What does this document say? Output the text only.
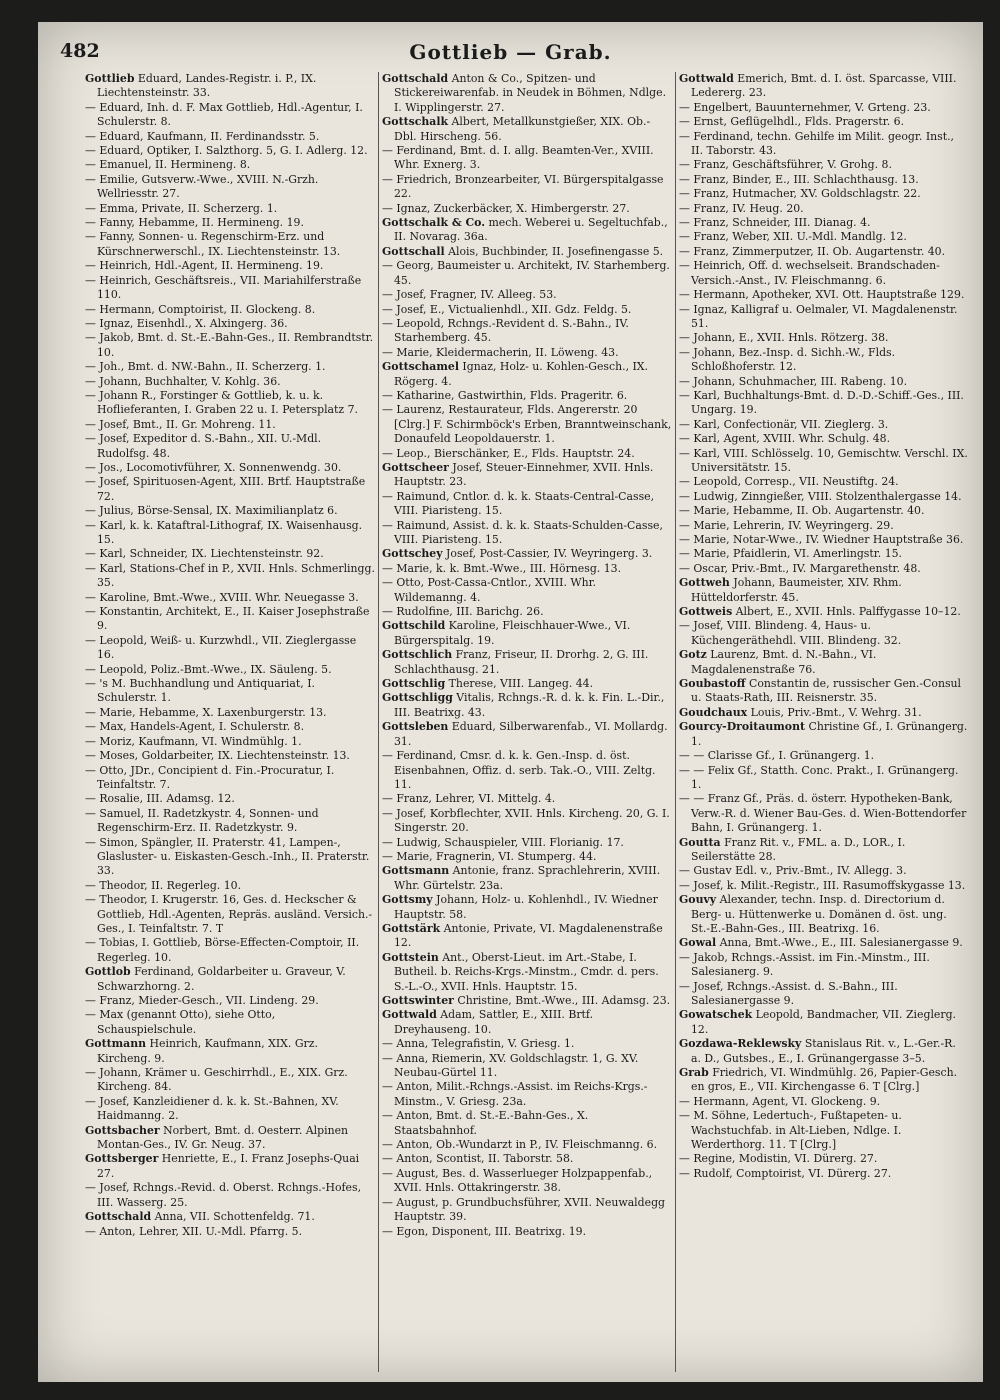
482	Gottlieb — Grab.
Gottlieb Eduard, Landes-Registr. i. P., IX. Liechtensteinstr. 33.
— Eduard, Inh. d. F. Max Gottlieb, Hdl.-Agentur, I. Schulerstr. 8.
— Eduard, Kaufmann, II. Ferdinandsstr. 5.
— Eduard, Optiker, I. Salzthorg. 5, G. I. Adlerg. 12.
— Emanuel, II. Hermineng. 8.
— Emilie, Gutsverw.-Wwe., XVIII. N.-Grzh. Wellriesstr. 27.
— Emma, Private, II. Scherzerg. 1.
— Fanny, Hebamme, II. Hermineng. 19.
— Fanny, Sonnen- u. Regenschirm-Erz. und Kürschnerwerschl., IX. Liechtensteinstr. 13.
— Heinrich, Hdl.-Agent, II. Hermineng. 19.
— Heinrich, Geschäftsreis., VII. Mariahilferstraße 110.
— Hermann, Comptoirist, II. Glockeng. 8.
— Ignaz, Eisenhdl., X. Alxingerg. 36.
— Jakob, Bmt. d. St.-E.-Bahn-Ges., II. Rembrandtstr. 10.
— Joh., Bmt. d. NW.-Bahn., II. Scherzerg. 1.
— Johann, Buchhalter, V. Kohlg. 36.
— Johann R., Forstinger & Gottlieb, k. u. k. Hoflieferanten, I. Graben 22 u. I. Petersplatz 7.
— Josef, Bmt., II. Gr. Mohreng. 11.
— Josef, Expeditor d. S.-Bahn., XII. U.-Mdl. Rudolfsg. 48.
— Jos., Locomotivführer, X. Sonnenwendg. 30.
— Josef, Spirituosen-Agent, XIII. Brtf. Hauptstraße 72.
— Julius, Börse-Sensal, IX. Maximilianplatz 6.
— Karl, k. k. Kataftral-Lithograf, IX. Waisenhausg. 15.
— Karl, Schneider, IX. Liechtensteinstr. 92.
— Karl, Stations-Chef in P., XVII. Hnls. Schmerlingg. 35.
— Karoline, Bmt.-Wwe., XVIII. Whr. Neuegasse 3.
— Konstantin, Architekt, E., II. Kaiser Josephstraße 9.
— Leopold, Weiß- u. Kurzwhdl., VII. Zieglergasse 16.
— Leopold, Poliz.-Bmt.-Wwe., IX. Säuleng. 5.
— 's M. Buchhandlung und Antiquariat, I. Schulerstr. 1.
— Marie, Hebamme, X. Laxenburgerstr. 13.
— Max, Handels-Agent, I. Schulerstr. 8.
— Moriz, Kaufmann, VI. Windmühlg. 1.
— Moses, Goldarbeiter, IX. Liechtensteinstr. 13.
— Otto, JDr., Concipient d. Fin.-Procuratur, I. Teinfaltstr. 7.
— Rosalie, III. Adamsg. 12.
— Samuel, II. Radetzkystr. 4, Sonnen- und Regenschirm-Erz. II. Radetzkystr. 9.
— Simon, Spängler, II. Praterstr. 41, Lampen-, Glasluster- u. Eiskasten-Gesch.-Inh., II. Praterstr. 33.
— Theodor, II. Regerleg. 10.
— Theodor, I. Krugerstr. 16, Ges. d. Heckscher & Gottlieb, Hdl.-Agenten, Repräs. ausländ. Versich.-Ges., I. Teinfaltstr. 7. T
— Tobias, I. Gottlieb, Börse-Effecten-Comptoir, II. Regerleg. 10.
Gottlob Ferdinand, Goldarbeiter u. Graveur, V. Schwarzhorng. 2.
— Franz, Mieder-Gesch., VII. Lindeng. 29.
— Max (genannt Otto), siehe Otto, Schauspielschule.
Gottmann Heinrich, Kaufmann, XIX. Grz. Kircheng. 9.
— Johann, Krämer u. Geschirrhdl., E., XIX. Grz. Kircheng. 84.
— Josef, Kanzleidiener d. k. k. St.-Bahnen, XV. Haidmanng. 2.
Gottsbacher Norbert, Bmt. d. Oesterr. Alpinen Montan-Ges., IV. Gr. Neug. 37.
Gottsberger Henriette, E., I. Franz Josephs-Quai 27.
— Josef, Rchngs.-Revid. d. Oberst. Rchngs.-Hofes, III. Wasserg. 25.
Gottschald Anna, VII. Schottenfeldg. 71.
— Anton, Lehrer, XII. U.-Mdl. Pfarrg. 5.
Gottschald Anton & Co., Spitzen- und Stickereiwarenfab. in Neudek in Böhmen, Ndlge. I. Wipplingerstr. 27.
Gottschalk Albert, Metallkunstgießer, XIX. Ob.-Dbl. Hirscheng. 56.
— Ferdinand, Bmt. d. I. allg. Beamten-Ver., XVIII. Whr. Exnerg. 3.
— Friedrich, Bronzearbeiter, VI. Bürgerspitalgasse 22.
— Ignaz, Zuckerbäcker, X. Himbergerstr. 27.
Gottschalk & Co. mech. Weberei u. Segeltuchfab., II. Novarag. 36a.
Gottschall Alois, Buchbinder, II. Josefinengasse 5.
— Georg, Baumeister u. Architekt, IV. Starhemberg. 45.
— Josef, Fragner, IV. Alleeg. 53.
— Josef, E., Victualienhdl., XII. Gdz. Feldg. 5.
— Leopold, Rchngs.-Revident d. S.-Bahn., IV. Starhemberg. 45.
— Marie, Kleidermacherin, II. Löweng. 43.
Gottschamel Ignaz, Holz- u. Kohlen-Gesch., IX. Rögerg. 4.
— Katharine, Gastwirthin, Flds. Prageritr. 6.
— Laurenz, Restaurateur, Flds. Angererstr. 20 [Clrg.] F. Schirmböck's Erben, Branntweinschank, Donaufeld Leopoldauerstr. 1.
— Leop., Bierschänker, E., Flds. Hauptstr. 24.
Gottscheer Josef, Steuer-Einnehmer, XVII. Hnls. Hauptstr. 23.
— Raimund, Cntlor. d. k. k. Staats-Central-Casse, VIII. Piaristeng. 15.
— Raimund, Assist. d. k. k. Staats-Schulden-Casse, VIII. Piaristeng. 15.
Gottschey Josef, Post-Cassier, IV. Weyringerg. 3.
— Marie, k. k. Bmt.-Wwe., III. Hörnesg. 13.
— Otto, Post-Cassa-Cntlor., XVIII. Whr. Wildemanng. 4.
— Rudolfine, III. Barichg. 26.
Gottschild Karoline, Fleischhauer-Wwe., VI. Bürgerspitalg. 19.
Gottschlich Franz, Friseur, II. Drorhg. 2, G. III. Schlachthausg. 21.
Gottschlig Therese, VIII. Langeg. 44.
Gottschligg Vitalis, Rchngs.-R. d. k. k. Fin. L.-Dir., III. Beatrixg. 43.
Gottsleben Eduard, Silberwarenfab., VI. Mollardg. 31.
— Ferdinand, Cmsr. d. k. k. Gen.-Insp. d. öst. Eisenbahnen, Offiz. d. serb. Tak.-O., VIII. Zeltg. 11.
— Franz, Lehrer, VI. Mittelg. 4.
— Josef, Korbflechter, XVII. Hnls. Kircheng. 20, G. I. Singerstr. 20.
— Ludwig, Schauspieler, VIII. Florianig. 17.
— Marie, Fragnerin, VI. Stumperg. 44.
Gottsmann Antonie, franz. Sprachlehrerin, XVIII. Whr. Gürtelstr. 23a.
Gottsmy Johann, Holz- u. Kohlenhdl., IV. Wiedner Hauptstr. 58.
Gottstärk Antonie, Private, VI. Magdalenenstraße 12.
Gottstein Ant., Oberst-Lieut. im Art.-Stabe, I. Butheil. b. Reichs-Krgs.-Minstm., Cmdr. d. pers. S.-L.-O., XVII. Hnls. Hauptstr. 15.
Gottswinter Christine, Bmt.-Wwe., III. Adamsg. 23.
Gottwald Adam, Sattler, E., XIII. Brtf. Dreyhauseng. 10.
— Anna, Telegrafistin, V. Griesg. 1.
— Anna, Riemerin, XV. Goldschlagstr. 1, G. XV. Neubau-Gürtel 11.
— Anton, Milit.-Rchngs.-Assist. im Reichs-Krgs.-Minstm., V. Griesg. 23a.
— Anton, Bmt. d. St.-E.-Bahn-Ges., X. Staatsbahnhof.
— Anton, Ob.-Wundarzt in P., IV. Fleischmanng. 6.
— Anton, Scontist, II. Taborstr. 58.
— August, Bes. d. Wasserlueger Holzpappenfab., XVII. Hnls. Ottakringerstr. 38.
— August, p. Grundbuchsführer, XVII. Neuwaldegg Hauptstr. 39.
— Egon, Disponent, III. Beatrixg. 19.
Gottwald Emerich, Bmt. d. I. öst. Sparcasse, VIII. Ledererg. 23.
— Engelbert, Bauunternehmer, V. Grteng. 23.
— Ernst, Geflügelhdl., Flds. Pragerstr. 6.
— Ferdinand, techn. Gehilfe im Milit. geogr. Inst., II. Taborstr. 43.
— Franz, Geschäftsführer, V. Grohg. 8.
— Franz, Binder, E., III. Schlachthausg. 13.
— Franz, Hutmacher, XV. Goldschlagstr. 22.
— Franz, IV. Heug. 20.
— Franz, Schneider, III. Dianag. 4.
— Franz, Weber, XII. U.-Mdl. Mandlg. 12.
— Franz, Zimmerputzer, II. Ob. Augartenstr. 40.
— Heinrich, Off. d. wechselseit. Brandschaden-Versich.-Anst., IV. Fleischmanng. 6.
— Hermann, Apotheker, XVI. Ott. Hauptstraße 129.
— Ignaz, Kalligraf u. Oelmaler, VI. Magdalenenstr. 51.
— Johann, E., XVII. Hnls. Rötzerg. 38.
— Johann, Bez.-Insp. d. Sichh.-W., Flds. Schloßhoferstr. 12.
— Johann, Schuhmacher, III. Rabeng. 10.
— Karl, Buchhaltungs-Bmt. d. D.-D.-Schiff.-Ges., III. Ungarg. 19.
— Karl, Confectionär, VII. Zieglerg. 3.
— Karl, Agent, XVIII. Whr. Schulg. 48.
— Karl, VIII. Schlösselg. 10, Gemischtw. Verschl. IX. Universitätstr. 15.
— Leopold, Corresp., VII. Neustiftg. 24.
— Ludwig, Zinngießer, VIII. Stolzenthalergasse 14.
— Marie, Hebamme, II. Ob. Augartenstr. 40.
— Marie, Lehrerin, IV. Weyringerg. 29.
— Marie, Notar-Wwe., IV. Wiedner Hauptstraße 36.
— Marie, Pfaidlerin, VI. Amerlingstr. 15.
— Oscar, Priv.-Bmt., IV. Margarethenstr. 48.
Gottweh Johann, Baumeister, XIV. Rhm. Hütteldorferstr. 45.
Gottweis Albert, E., XVII. Hnls. Palffygasse 10–12.
— Josef, VIII. Blindeng. 4, Haus- u. Küchengeräthehdl. VIII. Blindeng. 32.
Gotz Laurenz, Bmt. d. N.-Bahn., VI. Magdalenenstraße 76.
Goubastoff Constantin de, russischer Gen.-Consul u. Staats-Rath, III. Reisnerstr. 35.
Goudchaux Louis, Priv.-Bmt., V. Wehrg. 31.
Gourcy-Droitaumont Christine Gf., I. Grünangerg. 1.
— — Clarisse Gf., I. Grünangerg. 1.
— — Felix Gf., Statth. Conc. Prakt., I. Grünangerg. 1.
— — Franz Gf., Präs. d. österr. Hypotheken-Bank, Verw.-R. d. Wiener Bau-Ges. d. Wien-Bottendorfer Bahn, I. Grünangerg. 1.
Goutta Franz Rit. v., FML. a. D., LOR., I. Seilerstätte 28.
— Gustav Edl. v., Priv.-Bmt., IV. Allegg. 3.
— Josef, k. Milit.-Registr., III. Rasumoffskygasse 13.
Gouvy Alexander, techn. Insp. d. Directorium d. Berg- u. Hüttenwerke u. Domänen d. öst. ung. St.-E.-Bahn-Ges., III. Beatrixg. 16.
Gowal Anna, Bmt.-Wwe., E., III. Salesianergasse 9.
— Jakob, Rchngs.-Assist. im Fin.-Minstm., III. Salesianerg. 9.
— Josef, Rchngs.-Assist. d. S.-Bahn., III. Salesianergasse 9.
Gowatschek Leopold, Bandmacher, VII. Zieglerg. 12.
Gozdawa-Reklewsky Stanislaus Rit. v., L.-Ger.-R. a. D., Gutsbes., E., I. Grünangergasse 3–5.
Grab Friedrich, VI. Windmühlg. 26, Papier-Gesch. en gros, E., VII. Kirchengasse 6. T [Clrg.]
— Hermann, Agent, VI. Glockeng. 9.
— M. Söhne, Ledertuch-, Fußtapeten- u. Wachstuchfab. in Alt-Lieben, Ndlge. I. Werderthorg. 11. T [Clrg.]
— Regine, Modistin, VI. Dürerg. 27.
— Rudolf, Comptoirist, VI. Dürerg. 27.
